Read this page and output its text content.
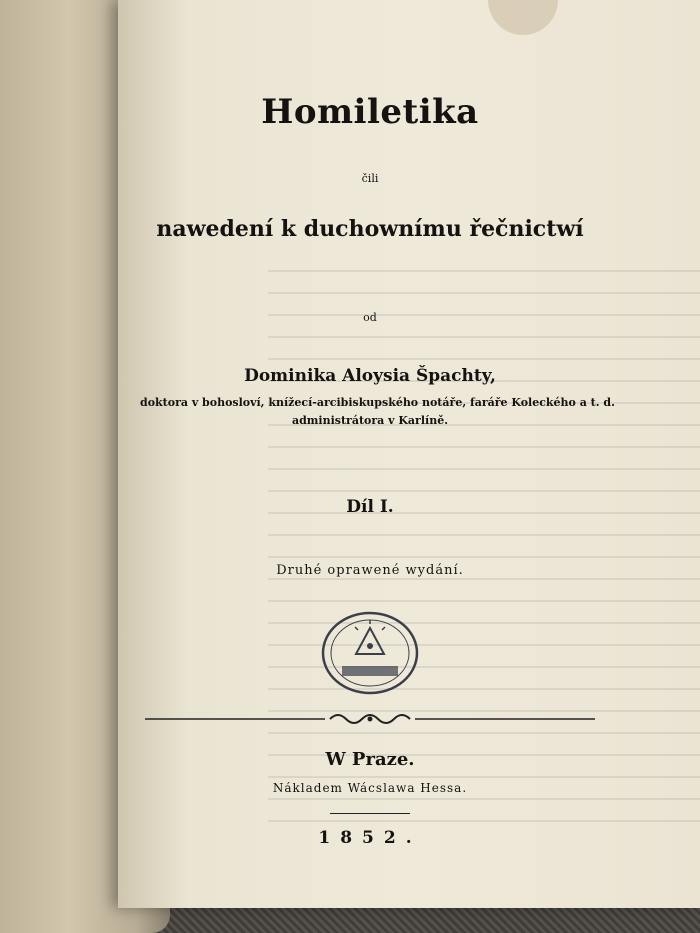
Homiletika
čili
nawedení k duchownímu řečnictwí
od
Dominika Aloysia Špachty,
doktora v bohosloví, knížecí-arcibiskupského notáře, faráře Koleckého a t. d.
administrátora v Karlíně.
Díl I.
Druhé oprawené wydání.
W Praze.
Nákladem Wácslawa Hessa.
1852.
